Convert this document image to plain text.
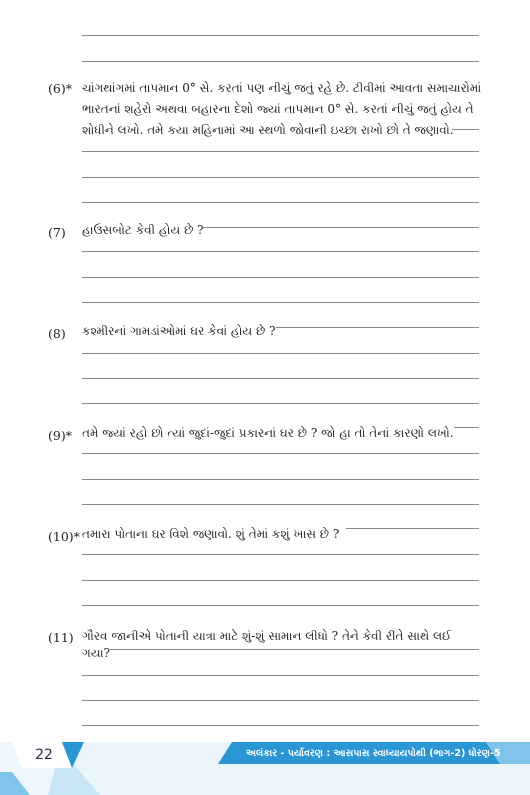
(6)* ચાંગથાંગમાં તાપમાન 0° સે. કરતાં પણ નીચું જતું રહે છે. ટીવીમાં આવતા સમાચારોમાં
ભારતનાં શહેરો અથવા બહારના દેશો જ્યાં તાપમાન 0° સે. કરતાં નીચું જતું હોય તે
શોધીને લખો. તમે કયા મહિનામાં આ સ્થળો જોવાની ઇચ્છા રાખો છો તે જણાવો.
(7) હાઉસબોટ કેવી હોય છે ?
(8) કશ્મીરનાં ગામડાંઓમાં ઘર કેવાં હોય છે ?
(9)* તમે જ્યાં રહો છો ત્યાં જુદાં-જુદાં પ્રકારનાં ઘર છે ? જો હા તો તેનાં કારણો લખો.
(10)* તમારા પોતાના ઘર વિશે જણાવો. શું તેમાં કશું ખાસ છે ?
(11) ગૌરવ જાનીએ પોતાની યાત્રા માટે શું-શું સામાન લીધો ? તેને કેવી રીતે સાથે લઈ
ગયા?
22	અલંકાર - પર્યાવરણ : આસપાસ સ્વાધ્યાયપોથી (ભાગ-2) ધોરણ-5
